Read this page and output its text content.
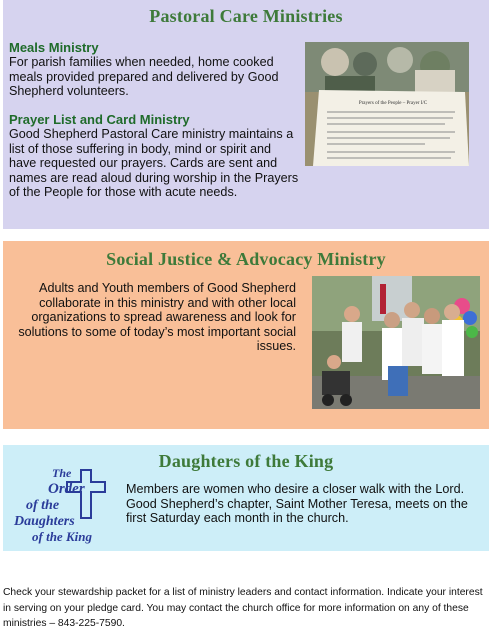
Pastoral Care Ministries
Meals Ministry
For parish families when needed, home cooked meals provided prepared and delivered by Good Shepherd volunteers.
Prayer List and Card Ministry
Good Shepherd Pastoral Care ministry maintains a list of those suffering in body, mind or spirit and have requested our prayers. Cards are sent and names are read aloud during worship in the Prayers of the People for those with acute needs.
Prayers of the People – Prayer I/C
Social Justice & Advocacy Ministry
Adults and Youth members of Good Shepherd collaborate in this ministry and with other local organizations to spread awareness and look for solutions to some of today’s most important social issues.
Daughters of the King
The
Order
of the
Daughters
of the King
Members are women who desire a closer walk with the Lord. Good Shepherd’s chapter, Saint Mother Teresa, meets on the first Saturday each month in the church.
Check your stewardship packet for a list of ministry leaders and contact information. Indicate your interest in serving on your pledge card. You may contact the church office for more information on any of these ministries – 843-225-7590.
